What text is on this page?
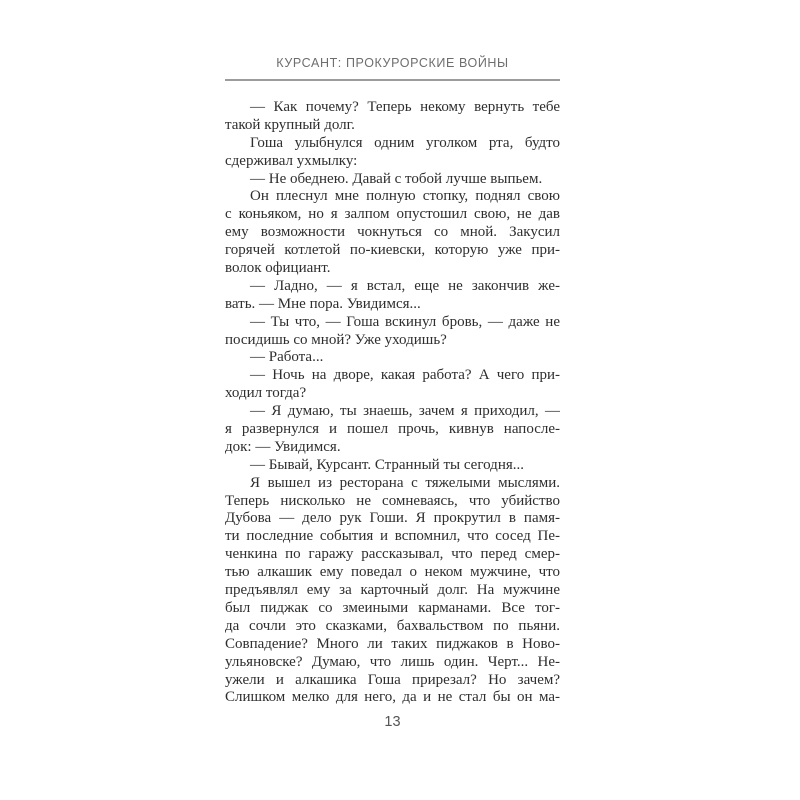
КУРСАНТ: ПРОКУРОРСКИЕ ВОЙНЫ
— Как почему? Теперь некому вернуть тебе
такой крупный долг.
Гоша улыбнулся одним уголком рта, будто
сдерживал ухмылку:
— Не обеднею. Давай с тобой лучше выпьем.
Он плеснул мне полную стопку, поднял свою
с коньяком, но я залпом опустошил свою, не дав
ему возможности чокнуться со мной. Закусил
горячей котлетой по-киевски, которую уже при-
волок официант.
— Ладно, — я встал, еще не закончив же-
вать. — Мне пора. Увидимся...
— Ты что, — Гоша вскинул бровь, — даже не
посидишь со мной? Уже уходишь?
— Работа...
— Ночь на дворе, какая работа? А чего при-
ходил тогда?
— Я думаю, ты знаешь, зачем я приходил, —
я развернулся и пошел прочь, кивнув напосле-
док: — Увидимся.
— Бывай, Курсант. Странный ты сегодня...
Я вышел из ресторана с тяжелыми мыслями.
Теперь нисколько не сомневаясь, что убийство
Дубова — дело рук Гоши. Я прокрутил в памя-
ти последние события и вспомнил, что сосед Пе-
ченкина по гаражу рассказывал, что перед смер-
тью алкашик ему поведал о неком мужчине, что
предъявлял ему за карточный долг. На мужчине
был пиджак со змеиными карманами. Все тог-
да сочли это сказками, бахвальством по пьяни.
Совпадение? Много ли таких пиджаков в Ново-
ульяновске? Думаю, что лишь один. Черт... Не-
ужели и алкашика Гоша прирезал? Но зачем?
Слишком мелко для него, да и не стал бы он ма-
13
